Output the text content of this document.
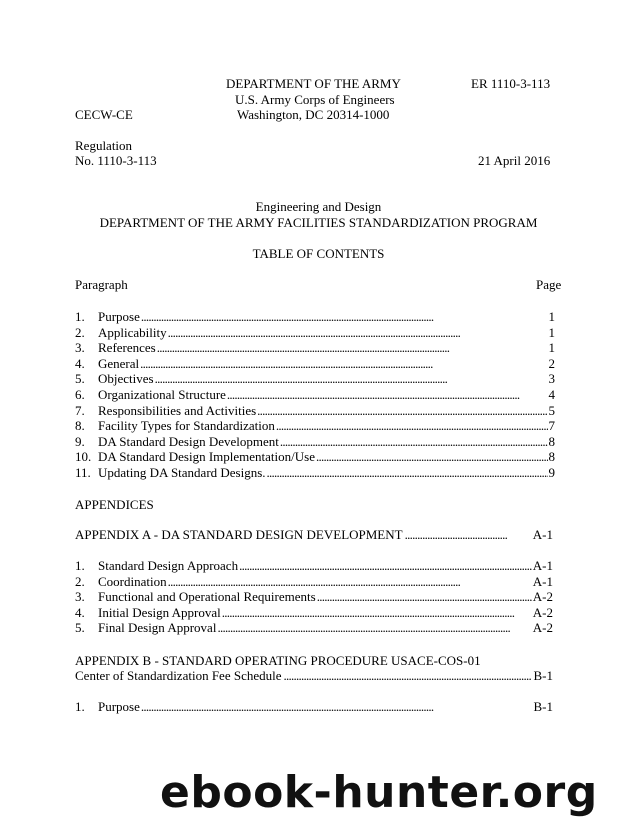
DEPARTMENT OF THE ARMY	ER 1110-3-113
U.S. Army Corps of Engineers
CECW-CE	Washington, DC 20314-1000
Regulation
No. 1110-3-113	21 April 2016
Engineering and Design
DEPARTMENT OF THE ARMY FACILITIES STANDARDIZATION PROGRAM
TABLE OF CONTENTS
Paragraph	Page
1. Purpose . . .	1
2. Applicability . . .	1
3. References . . .	1
4. General . . .	2
5. Objectives . . .	3
6. Organizational Structure . . .	4
7. Responsibilities and Activities . . .	5
8. Facility Types for Standardization . . .	7
9. DA Standard Design Development . . .	8
10. DA Standard Design Implementation/Use . . .	8
11. Updating DA Standard Designs. . . .	9
APPENDICES
APPENDIX A - DA STANDARD DESIGN DEVELOPMENT . . . . . . . . . . . . . . . . . . . . . . . . . . . . . . . . . . . . . . . . .	A-1
1. Standard Design Approach . . .	A-1
2. Coordination . . .	A-1
3. Functional and Operational Requirements . . .	A-2
4. Initial Design Approval . . .	A-2
5. Final Design Approval . . .	A-2
APPENDIX B - STANDARD OPERATING PROCEDURE USACE-COS-01
Center of Standardization Fee Schedule . . . . . . . . . . . . . . . . . . . . . . . . . . . . . . . . . . . . . . . . . . . . . . . . . . . . . . . . . . . . . . . . . . . . . . . . . . . . . . . . . . . . . . . . . . . . . . . . . . . B-1
1. Purpose . . .	B-1
ebook-hunter.org
